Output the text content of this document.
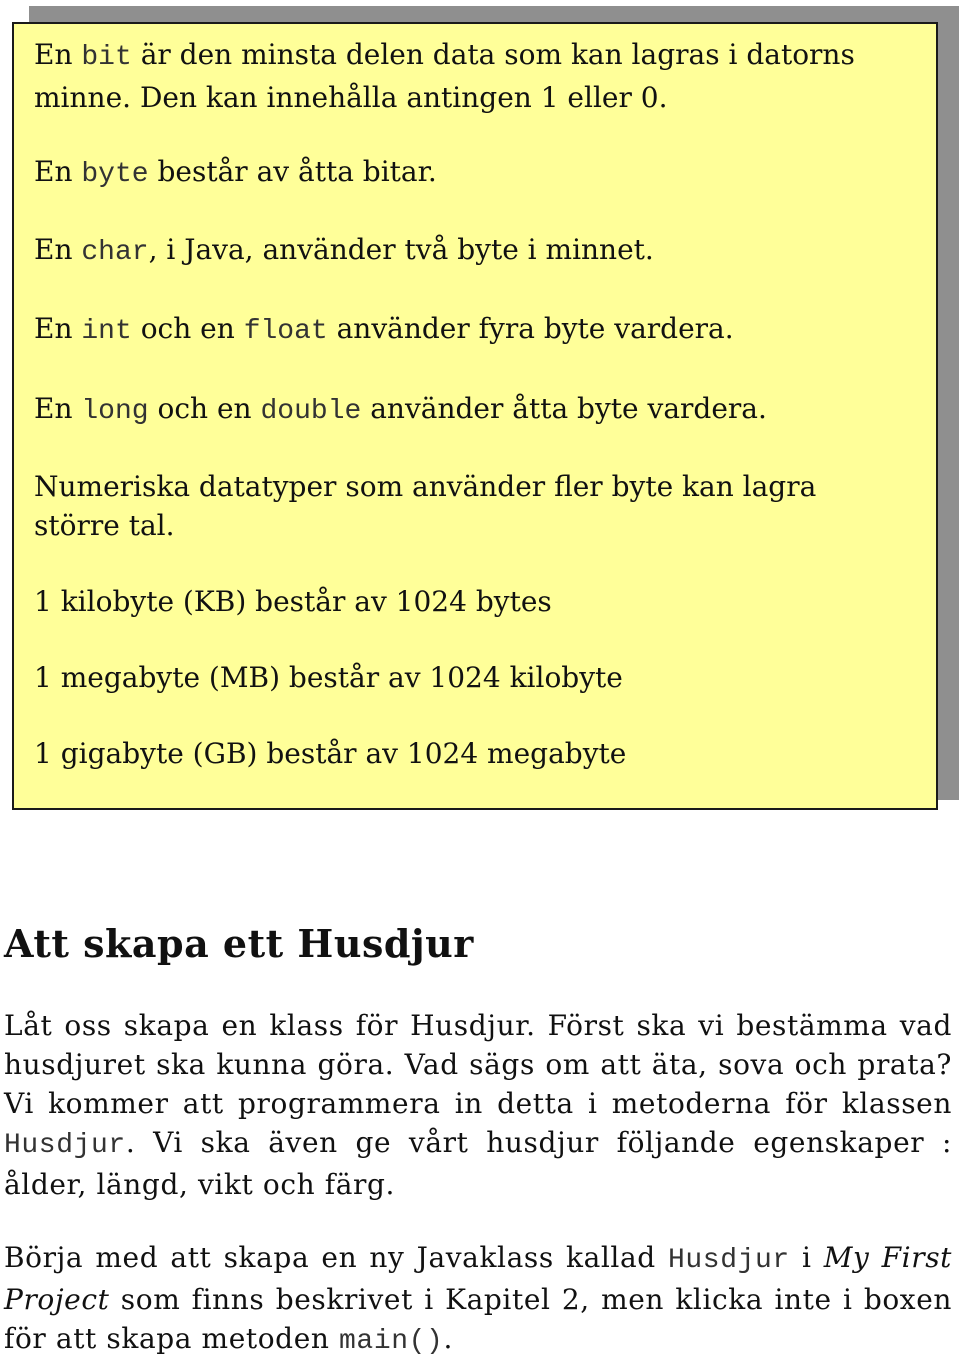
En bit är den minsta delen data som kan lagras i datorns minne. Den kan innehålla antingen 1 eller 0.

En byte består av åtta bitar.

En char, i Java, använder två byte i minnet.

En int och en float använder fyra byte vardera.

En long och en double använder åtta byte vardera.

Numeriska datatyper som använder fler byte kan lagra

större tal.

1 kilobyte (KB) består av 1024 bytes

1 megabyte (MB) består av 1024 kilobyte

1 gigabyte (GB) består av 1024 megabyte

Att skapa ett Husdjur

Låt oss skapa en klass för Husdjur. Först ska vi bestämma vad husdjuret ska kunna göra. Vad sägs om att äta, sova och prata? Vi kommer att programmera in detta i metoderna för klassen Husdjur. Vi ska även ge vårt husdjur följande egenskaper : ålder, längd, vikt och färg.

Börja med att skapa en ny Javaklass kallad Husdjur i My First Project som finns beskrivet i Kapitel 2, men klicka inte i boxen för att skapa metoden main().
